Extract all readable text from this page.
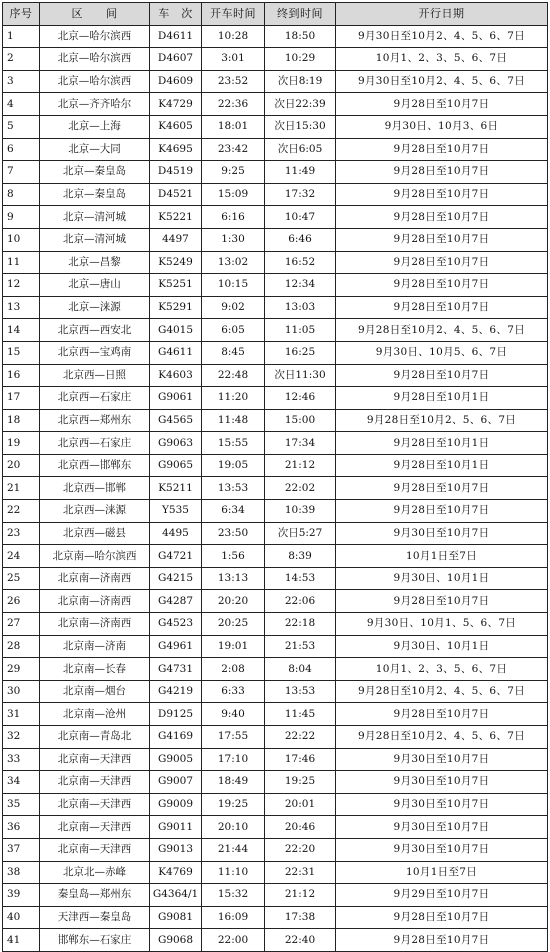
序号	区　　间	车　次	开车时间	终到时间	开行日期
1	北京—哈尔滨西	D4611	10:28	18:50	9月30日至10月2、4、5、6、7日
2	北京—哈尔滨西	D4607	3:01	10:29	10月1、2、3、5、6、7日
3	北京—哈尔滨西	D4609	23:52	次日8:19	9月30日至10月2、4、5、6、7日
4	北京—齐齐哈尔	K4729	22:36	次日22:39	9月28日至10月7日
5	北京—上海	K4605	18:01	次日15:30	9月30日、10月3、6日
6	北京—大同	K4695	23:42	次日6:05	9月28日至10月7日
7	北京—秦皇岛	D4519	9:25	11:49	9月28日至10月7日
8	北京—秦皇岛	D4521	15:09	17:32	9月28日至10月7日
9	北京—清河城	K5221	6:16	10:47	9月28日至10月7日
10	北京—清河城	4497	1:30	6:46	9月28日至10月7日
11	北京—昌黎	K5249	13:02	16:52	9月28日至10月7日
12	北京—唐山	K5251	10:15	12:34	9月28日至10月7日
13	北京—涞源	K5291	9:02	13:03	9月28日至10月7日
14	北京西—西安北	G4015	6:05	11:05	9月28日至10月2、4、5、6、7日
15	北京西—宝鸡南	G4611	8:45	16:25	9月30日、10月5、6、7日
16	北京西—日照	K4603	22:48	次日11:30	9月28日至10月7日
17	北京西—石家庄	G9061	11:20	12:46	9月28日至10月1日
18	北京西—郑州东	G4565	11:48	15:00	9月28日至10月2、5、6、7日
19	北京西—石家庄	G9063	15:55	17:34	9月28日至10月1日
20	北京西—邯郸东	G9065	19:05	21:12	9月28日至10月1日
21	北京西—邯郸	K5211	13:53	22:02	9月28日至10月7日
22	北京西—涞源	Y535	6:34	10:39	9月28日至10月7日
23	北京西—磁县	4495	23:50	次日5:27	9月30日至10月7日
24	北京南—哈尔滨西	G4721	1:56	8:39	10月1日至7日
25	北京南—济南西	G4215	13:13	14:53	9月30日、10月1日
26	北京南—济南西	G4287	20:20	22:06	9月28日至10月7日
27	北京南—济南西	G4523	20:25	22:18	9月30日、10月1、5、6、7日
28	北京南—济南	G4961	19:01	21:53	9月30日、10月1日
29	北京南—长春	G4731	2:08	8:04	10月1、2、3、5、6、7日
30	北京南—烟台	G4219	6:33	13:53	9月28日至10月2、4、5、6、7日
31	北京南—沧州	D9125	9:40	11:45	9月28日至10月7日
32	北京南—青岛北	G4169	17:55	22:22	9月28日至10月2、4、5、6、7日
33	北京南—天津西	G9005	17:10	17:46	9月30日至10月7日
34	北京南—天津西	G9007	18:49	19:25	9月30日至10月7日
35	北京南—天津西	G9009	19:25	20:01	9月30日至10月7日
36	北京南—天津西	G9011	20:10	20:46	9月30日至10月7日
37	北京南—天津西	G9013	21:44	22:20	9月30日至10月7日
38	北京北—赤峰	K4769	11:10	22:31	10月1日至7日
39	秦皇岛—郑州东	G4364/1	15:32	21:12	9月29日至10月7日
40	天津西—秦皇岛	G9081	16:09	17:38	9月28日至10月7日
41	邯郸东—石家庄	G9068	22:00	22:40	9月28日至10月7日
